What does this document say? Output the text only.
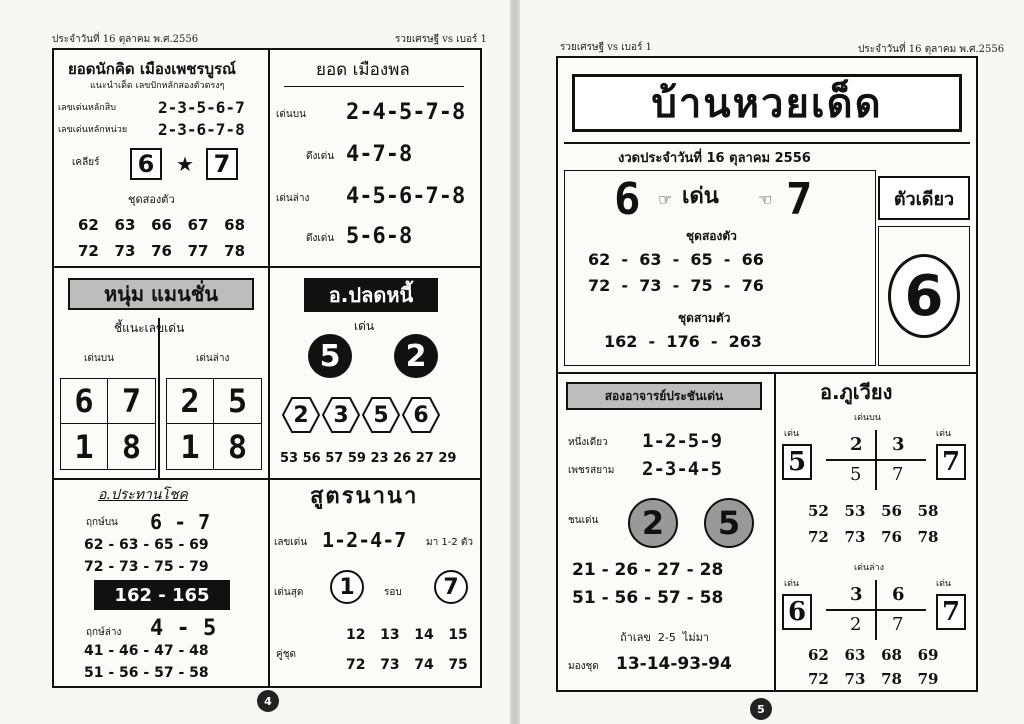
ประจำวันที่ 16 ตุลาคม พ.ศ.2556	รวยเศรษฐี vs เบอร์ 1
ยอดนักคิด เมืองเพชรบูรณ์
แนะนำเด็ด เลขปักหลักสองตัวตรงๆ
เลขเด่นหลักสิบ	2-3-5-6-7
เลขเด่นหลักหน่วย 2-3-6-7-8
เคลียร์	6	★ 7
ชุดสองตัว
62   63   66   67   68
72   73   76   77   78
ยอด เมืองพล
เด่นบน 2-4-5-7-8
ดึงเด่น 4-7-8
เด่นล่าง 4-5-6-7-8
ดึงเด่น 5-6-8
หนุ่ม แมนชั่น
ชี้แนะเลขเด่น
เด่นบน	เด่นล่าง
6 7
1 8
2 5
1 8
อ.ปลดหนี้
เด่น
5	2
2 3 5 6
53 56 57 59 23 26 27 29
อ.ประทานโชค
ฤกษ์บน 6 - 7
62 - 63 - 65 - 69
72 - 73 - 75 - 79
162 - 165
ฤกษ์ล่าง 4 - 5
41 - 46 - 47 - 48
51 - 56 - 57 - 58
สูตรนานา
เลขเด่น 1-2-4-7 มา 1-2 ตัว
เด่นสุด	1	รอบ	7
คู่ชุด
12   13   14   15
72   73   74   75
4
รวยเศรษฐี vs เบอร์ 1	ประจำวันที่ 16 ตุลาคม พ.ศ.2556
บ้านหวยเด็ด
งวดประจำวันที่ 16 ตุลาคม 2556
6 ☞ เด่น ☜ 7
ชุดสองตัว
62  -  63  -  65  -  66
72  -  73  -  75  -  76
ชุดสามตัว
162  -  176  -  263
ตัวเดียว
6
สองอาจารย์ประชันเด่น
หนึ่งเดียว 1-2-5-9
เพชรสยาม 2-3-4-5
ชนเด่น	2	5
21 - 26 - 27 - 28
51 - 56 - 57 - 58
ถ้าเลข  2-5  ไม่มา
มองชุด 13-14-93-94
อ.ภูเวียง
เด่นบน
เด่น
5
เด่น
7
2 3
5 7
52   53   56   58
72   73   76   78
เด่นล่าง
เด่น
6
เด่น
7
3 6
2 7
62   63   68   69
72   73   78   79
5
